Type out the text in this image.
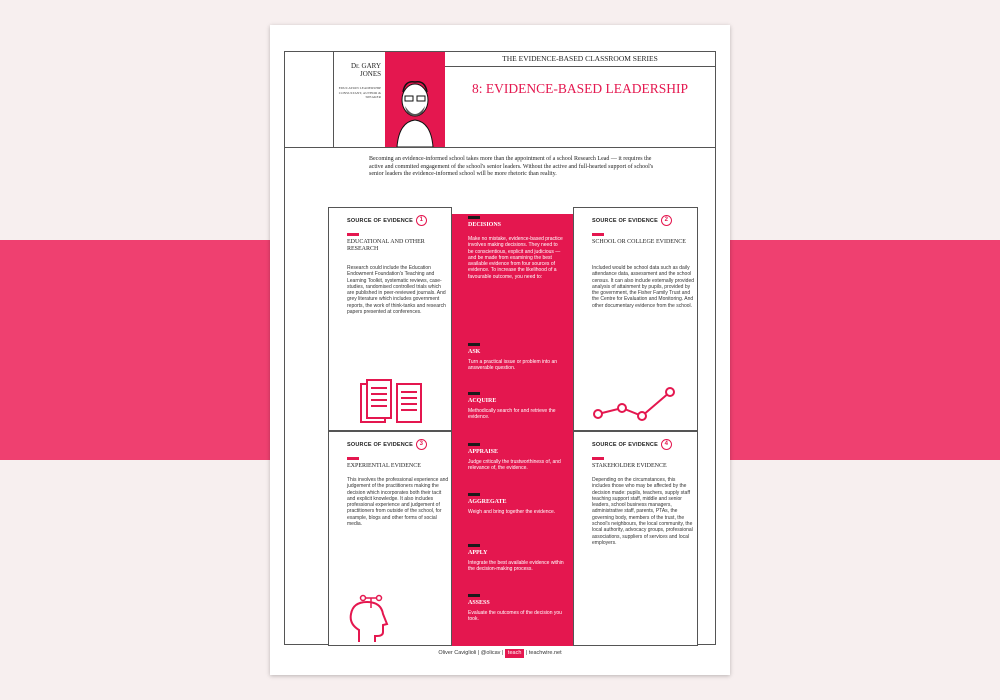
Dr. GARY JONES
EDUCATION LEADERSHIP CONSULTANT, AUTHOR & SPEAKER
THE EVIDENCE-BASED CLASSROOM SERIES
8: EVIDENCE-BASED LEADERSHIP
Becoming an evidence-informed school takes more than the appointment of a school Research Lead — it requires the active and commited engagement of the school's senior leaders. Without the active and full-hearted support of school's senior leaders the evidence-informed school will be more rhetoric than reality.
SOURCE OF EVIDENCE 1
EDUCATIONAL AND OTHER RESEARCH
Research could include the Education Endowment Foundation's Teaching and Learning Toolkit, systematic reviews, case-studies, randomised controlled trials which are published in peer-reviewed journals. And grey literature which includes government reports, the work of think-tanks and research papers presented at conferences.
SOURCE OF EVIDENCE 2
SCHOOL OR COLLEGE EVIDENCE
Included would be school data such as daily attendance data, assessment and the school census. It can also include externally provided analysis of attainment by pupils, provided by the government, the Fisher Family Trust and the Centre for Evaluation and Monitoring. And other documentary evidence from the school.
SOURCE OF EVIDENCE 3
EXPERIENTIAL EVIDENCE
This involves the professional experience and judgement of the practitioners making the decision which incorporates both their tacit and explicit knowledge. It also includes professional experience and judgement of practitioners from outside of the school, for example, blogs and other forms of social media.
SOURCE OF EVIDENCE 4
STAKEHOLDER EVIDENCE
Depending on the circumstances, this includes those who may be affected by the decision made: pupils, teachers, supply staff teaching support staff, middle and senior leaders, school business managers, administrative staff, parents, PTAs, the governing body, members of the trust, the school's neighbours, the local community, the local authority, advocacy groups, professional associations, suppliers of services and local employers.
DECISIONS
Make no mistake, evidence-based practice involves making decisions. They need to be conscientious, explicit and judicious — and be made from examining the best available evidence from four sources of evidence. To increase the likelihood of a favourable outcome, you need to:
ASK
Turn a practical issue or problem into an answerable question.
ACQUIRE
Methodically search for and retrieve the evidence.
APPRAISE
Judge critically the trustworthiness of, and relevance of, the evidence.
AGGREGATE
Weigh and bring together the evidence.
APPLY
Integrate the best available evidence within the decision-making process.
ASSESS
Evaluate the outcomes of the decision you took.
Oliver Caviglioli | @olicav | teach | teachwire.net
